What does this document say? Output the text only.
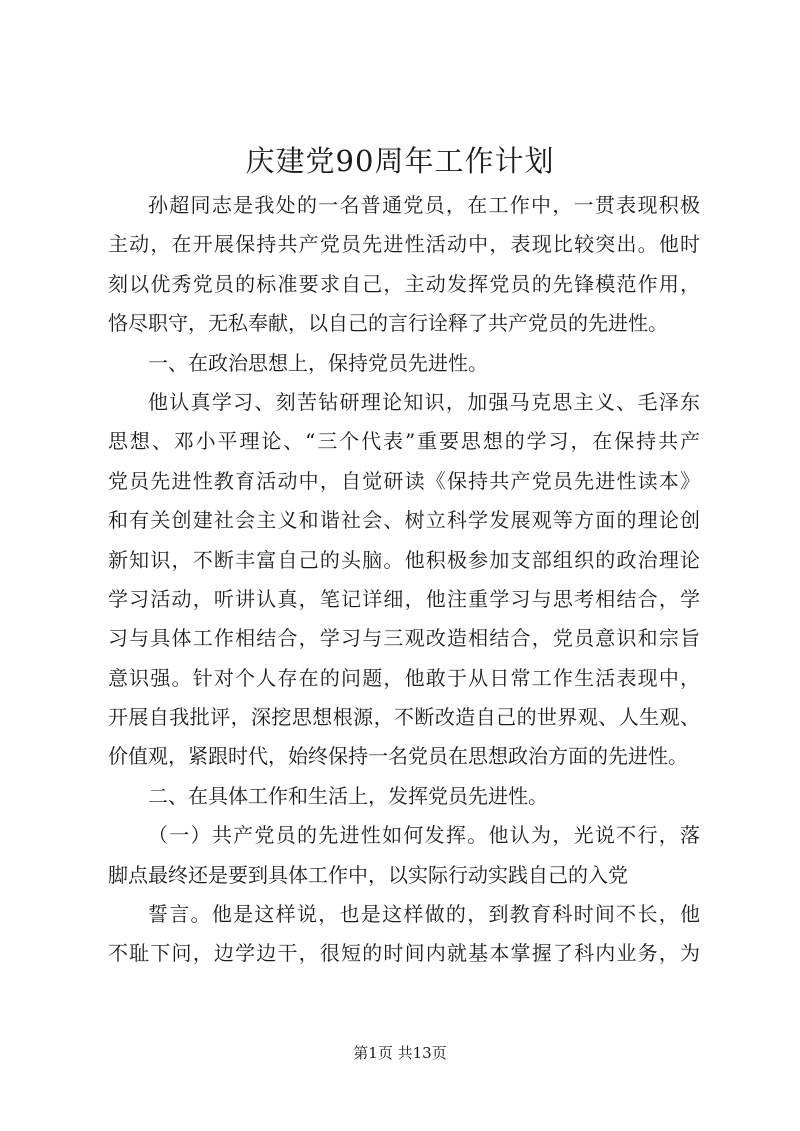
庆建党90周年工作计划
孙超同志是我处的一名普通党员，在工作中，一贯表现积极
主动，在开展保持共产党员先进性活动中，表现比较突出。他时
刻以优秀党员的标准要求自己，主动发挥党员的先锋模范作用，
恪尽职守，无私奉献，以自己的言行诠释了共产党员的先进性。
一、在政治思想上，保持党员先进性。
他认真学习、刻苦钻研理论知识，加强马克思主义、毛泽东
思想、邓小平理论、“三个代表”重要思想的学习，在保持共产
党员先进性教育活动中，自觉研读《保持共产党员先进性读本》
和有关创建社会主义和谐社会、树立科学发展观等方面的理论创
新知识，不断丰富自己的头脑。他积极参加支部组织的政治理论
学习活动，听讲认真，笔记详细，他注重学习与思考相结合，学
习与具体工作相结合，学习与三观改造相结合，党员意识和宗旨
意识强。针对个人存在的问题，他敢于从日常工作生活表现中，
开展自我批评，深挖思想根源，不断改造自己的世界观、人生观、
价值观，紧跟时代，始终保持一名党员在思想政治方面的先进性。
二、在具体工作和生活上，发挥党员先进性。
（一）共产党员的先进性如何发挥。他认为，光说不行，落
脚点最终还是要到具体工作中，以实际行动实践自己的入党
誓言。他是这样说，也是这样做的，到教育科时间不长，他
不耻下问，边学边干，很短的时间内就基本掌握了科内业务，为
第1页 共13页
